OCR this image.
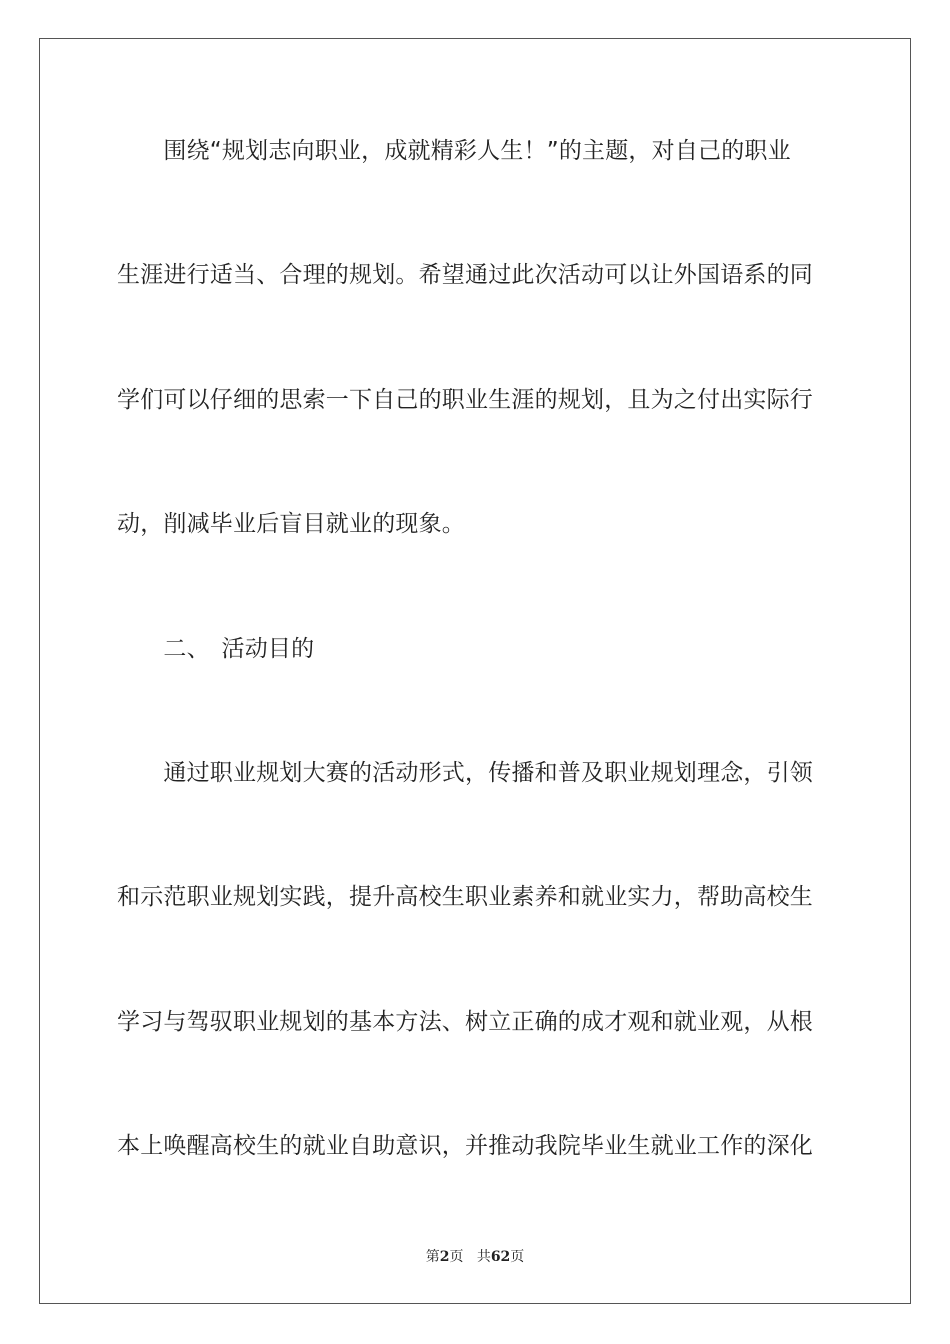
　　围绕“规划志向职业，成就精彩人生！”的主题，对自己的职业
生涯进行适当、合理的规划。希望通过此次活动可以让外国语系的同
学们可以仔细的思索一下自己的职业生涯的规划，且为之付出实际行
动，削减毕业后盲目就业的现象。
　　二、　活动目的
　　通过职业规划大赛的活动形式，传播和普及职业规划理念，引领
和示范职业规划实践，提升高校生职业素养和就业实力，帮助高校生
学习与驾驭职业规划的基本方法、树立正确的成才观和就业观，从根
本上唤醒高校生的就业自助意识，并推动我院毕业生就业工作的深化
第2页 共62页
